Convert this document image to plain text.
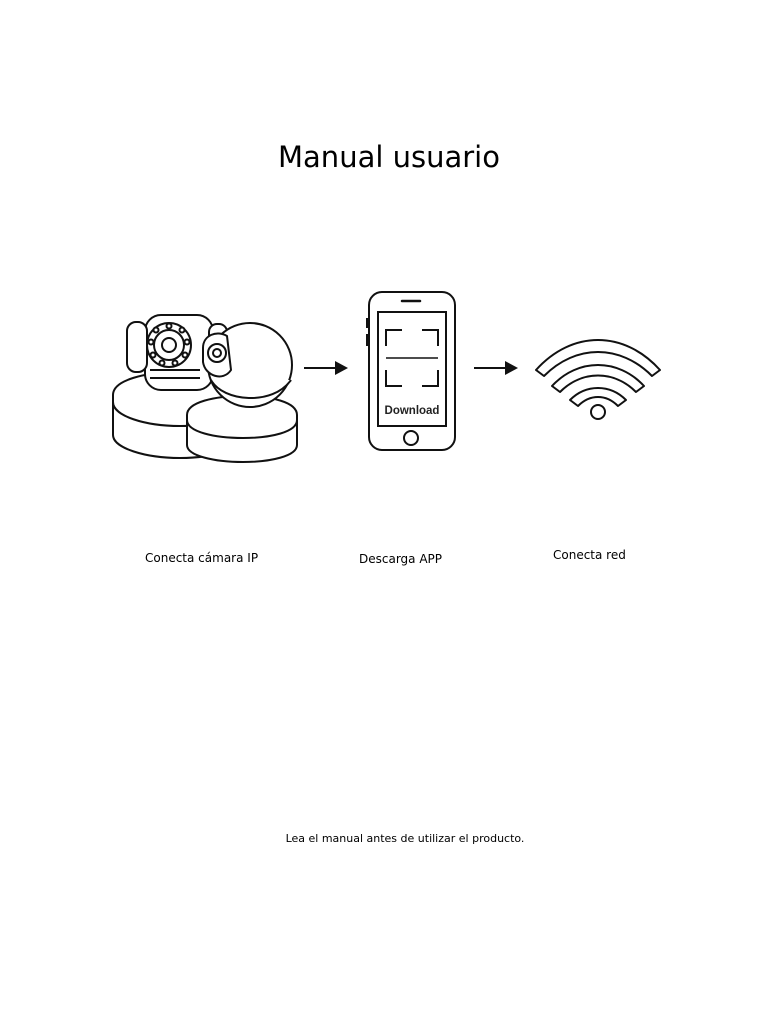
Manual usuario
Download
Conecta cámara IP	Descarga APP	Conecta red
Lea el manual antes de utilizar el producto.
